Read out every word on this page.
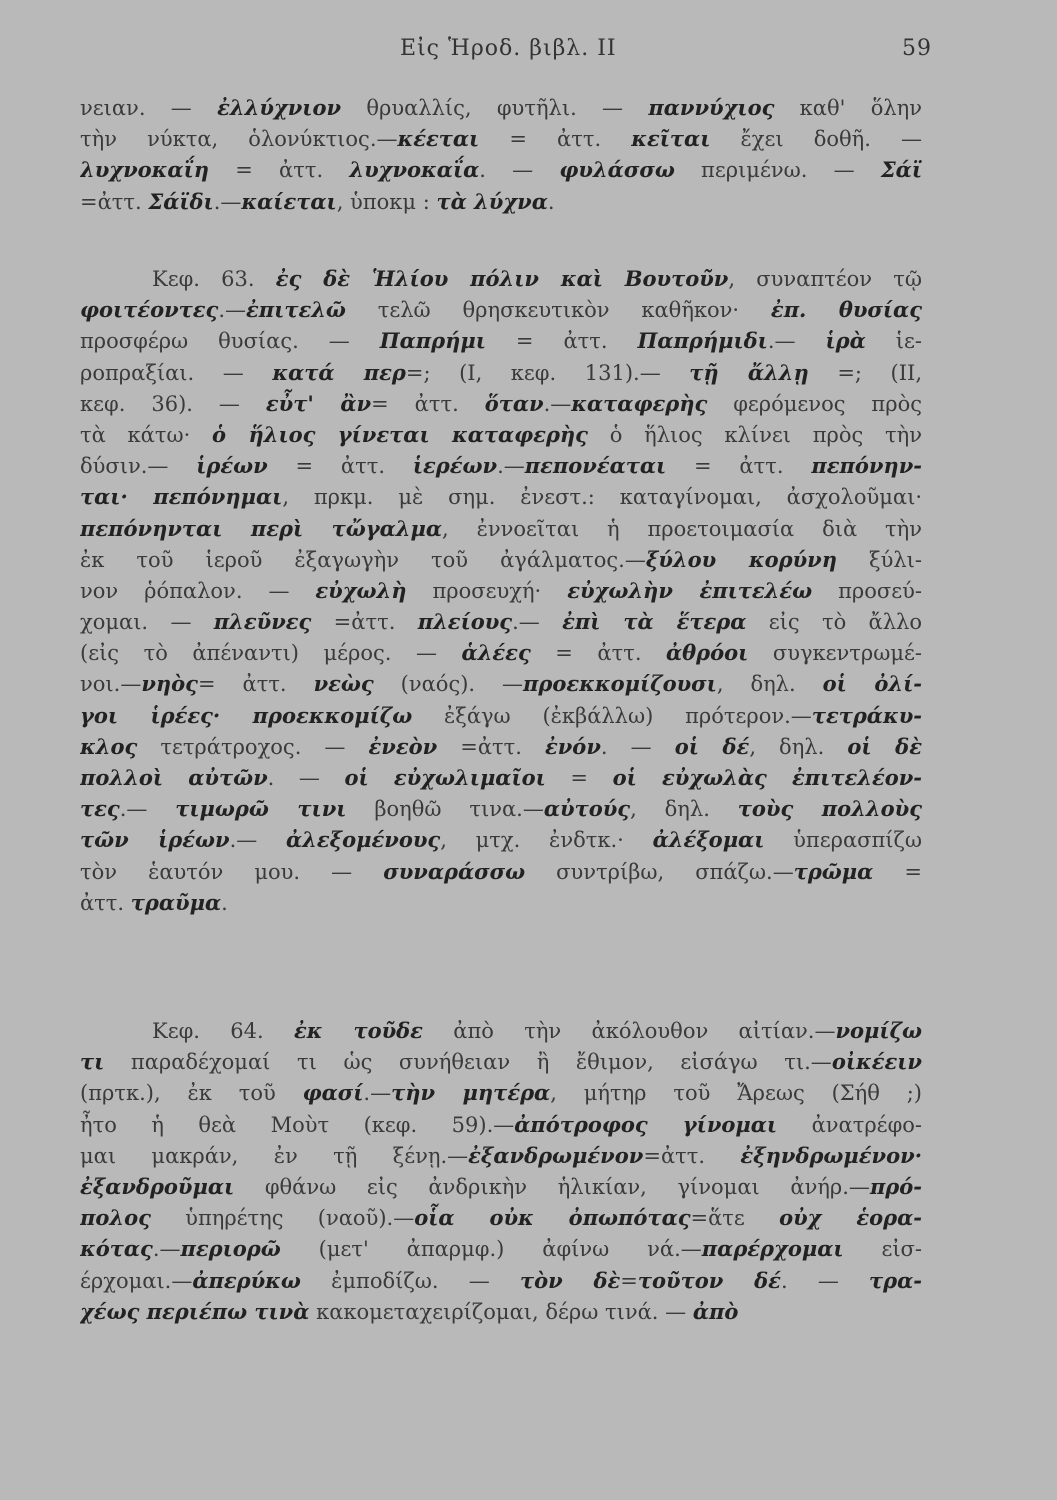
Εἰς Ἡροδ. βιβλ. II	59
νειαν. — ἐλλύχνιον θρυαλλίς, φυτῆλι. — παννύχιος καθ' ὅλην
τὴν νύκτα, ὁλονύκτιος.—κέεται = ἀττ. κεῖται ἔχει δοθῆ. —
λυχνοκαΐη = ἀττ. λυχνοκαΐα. — φυλάσσω περιμένω. — Σάϊ
=ἀττ. Σάϊδι.—καίεται, ὑποκμ : τὰ λύχνα.
Κεφ. 63. ἐς δὲ Ἡλίου πόλιν καὶ Βουτοῦν, συναπτέον τῷ
φοιτέοντες.—ἐπιτελῶ τελῶ θρησκευτικὸν καθῆκον· ἐπ. θυσίας
προσφέρω θυσίας. — Παπρήμι = ἀττ. Παπρήμιδι.— ἱρὰ ἱε-
ροπραξίαι. — κατά περ=; (I, κεφ. 131).— τῇ ἄλλῃ =; (II,
κεφ. 36). — εὖτ' ἂν= ἀττ. ὅταν.—καταφερὴς φερόμενος πρὸς
τὰ κάτω· ὁ ἥλιος γίνεται καταφερὴς ὁ ἥλιος κλίνει πρὸς τὴν
δύσιν.— ἱρέων = ἀττ. ἱερέων.—πεπονέαται = ἀττ. πεπόνην-
ται· πεπόνημαι, πρκμ. μὲ σημ. ἐνεστ.: καταγίνομαι, ἀσχολοῦμαι·
πεπόνηνται περὶ τὤγαλμα, ἐννοεῖται ἡ προετοιμασία διὰ τὴν
ἐκ τοῦ ἱεροῦ ἐξαγωγὴν τοῦ ἀγάλματος.—ξύλου κορύνη ξύλι-
νον ῥόπαλον. — εὐχωλὴ προσευχή· εὐχωλὴν ἐπιτελέω προσεύ-
χομαι. — πλεῦνες =ἀττ. πλείους.— ἐπὶ τὰ ἕτερα εἰς τὸ ἄλλο
(εἰς τὸ ἀπέναντι) μέρος. — ἁλέες = ἀττ. ἀθρόοι συγκεντρωμέ-
νοι.—νηὸς= ἀττ. νεὼς (ναός). —προεκκομίζουσι, δηλ. οἱ ὀλί-
γοι ἱρέες· προεκκομίζω ἐξάγω (ἐκβάλλω) πρότερον.—τετράκυ-
κλος τετράτροχος. — ἐνεὸν =ἀττ. ἐνόν. — οἱ δέ, δηλ. οἱ δὲ
πολλοὶ αὐτῶν. — οἱ εὐχωλιμαῖοι = οἱ εὐχωλὰς ἐπιτελέον-
τες.— τιμωρῶ τινι βοηθῶ τινα.—αὐτούς, δηλ. τοὺς πολλοὺς
τῶν ἱρέων.— ἀλεξομένους, μτχ. ἐνδτκ.· ἀλέξομαι ὑπερασπίζω
τὸν ἑαυτόν μου. — συναράσσω συντρίβω, σπάζω.—τρῶμα =
ἀττ. τραῦμα.
Κεφ. 64. ἐκ τοῦδε ἀπὸ τὴν ἀκόλουθον αἰτίαν.—νομίζω
τι παραδέχομαί τι ὡς συνήθειαν ἢ ἔθιμον, εἰσάγω τι.—οἰκέειν
(πρτκ.), ἐκ τοῦ φασί.—τὴν μητέρα, μήτηρ τοῦ Ἄρεως (Σήθ ;)
ἦτο ἡ θεὰ Μοὺτ (κεφ. 59).—ἀπότροφος γίνομαι ἀνατρέφο-
μαι μακράν, ἐν τῇ ξένῃ.—ἐξανδρωμένον=ἀττ. ἐξηνδρωμένον·
ἐξανδροῦμαι φθάνω εἰς ἀνδρικὴν ἡλικίαν, γίνομαι ἀνήρ.—πρό-
πολος ὑπηρέτης (ναοῦ).—οἷα οὐκ ὀπωπότας=ἅτε οὐχ ἑορα-
κότας.—περιορῶ (μετ' ἀπαρμφ.) ἀφίνω νά.—παρέρχομαι εἰσ-
έρχομαι.—ἀπερύκω ἐμποδίζω. — τὸν δὲ=τοῦτον δέ. — τρα-
χέως περιέπω τινὰ κακομεταχειρίζομαι, δέρω τινά. — ἀπὸ
